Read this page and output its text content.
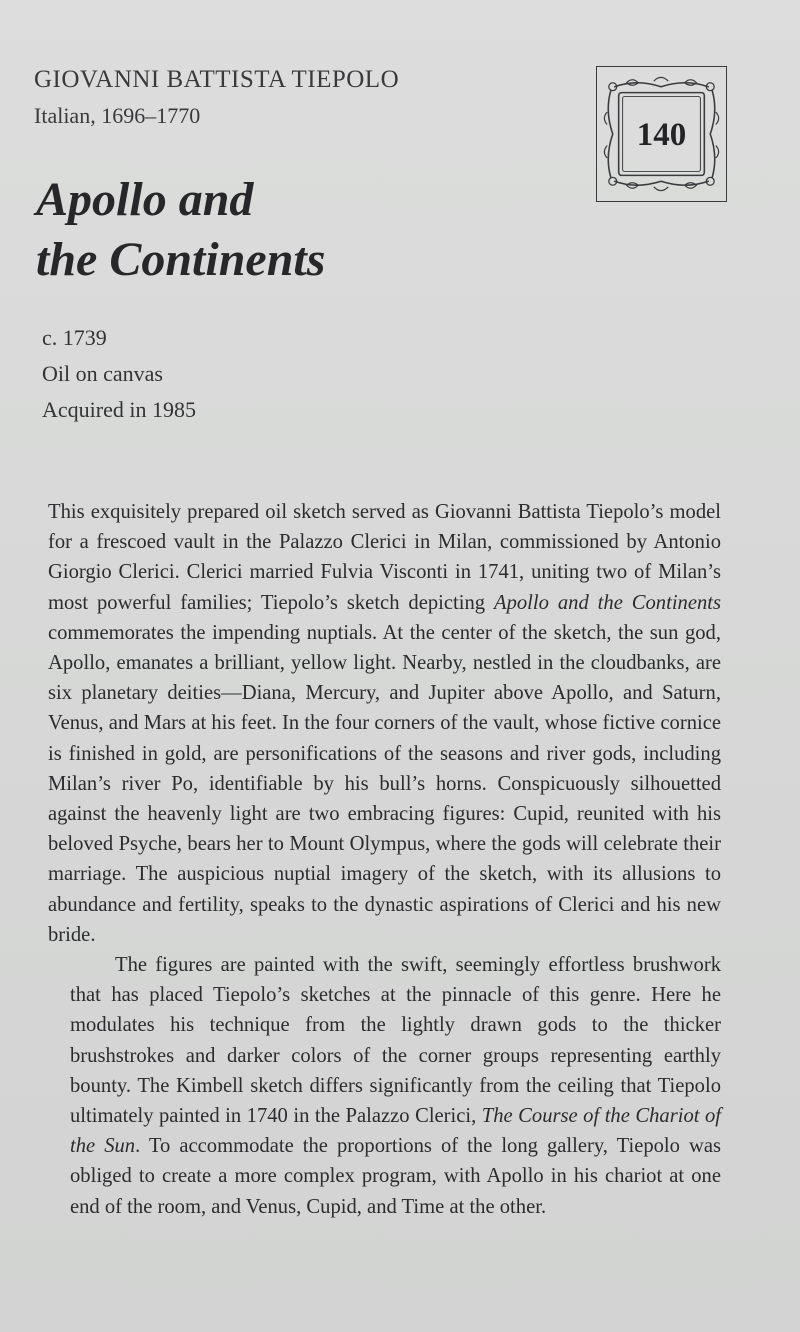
GIOVANNI BATTISTA TIEPOLO
Italian, 1696–1770
Apollo and
the Continents
140
c. 1739
Oil on canvas
Acquired in 1985

This exquisitely prepared oil sketch served as Giovanni Battista Tiepolo’s model for a frescoed vault in the Palazzo Clerici in Milan, commissioned by Antonio Giorgio Clerici. Clerici married Fulvia Visconti in 1741, uniting two of Milan’s most powerful families; Tiepolo’s sketch depicting Apollo and the Continents commemorates the impending nuptials. At the center of the sketch, the sun god, Apollo, emanates a brilliant, yellow light. Nearby, nestled in the cloudbanks, are six planetary deities—Diana, Mercury, and Jupiter above Apollo, and Saturn, Venus, and Mars at his feet. In the four corners of the vault, whose fictive cornice is finished in gold, are personifications of the seasons and river gods, including Milan’s river Po, identifiable by his bull’s horns. Conspicuously silhouetted against the heavenly light are two embracing figures: Cupid, reunited with his beloved Psyche, bears her to Mount Olympus, where the gods will celebrate their marriage. The auspicious nuptial imagery of the sketch, with its allusions to abundance and fertility, speaks to the dynastic aspirations of Clerici and his new bride.

The figures are painted with the swift, seemingly effortless brushwork that has placed Tiepolo’s sketches at the pinnacle of this genre. Here he modulates his technique from the lightly drawn gods to the thicker brushstrokes and darker colors of the corner groups representing earthly bounty. The Kimbell sketch differs significantly from the ceiling that Tiepolo ultimately painted in 1740 in the Palazzo Clerici, The Course of the Chariot of the Sun. To accommodate the proportions of the long gallery, Tiepolo was obliged to create a more complex program, with Apollo in his chariot at one end of the room, and Venus, Cupid, and Time at the other.
